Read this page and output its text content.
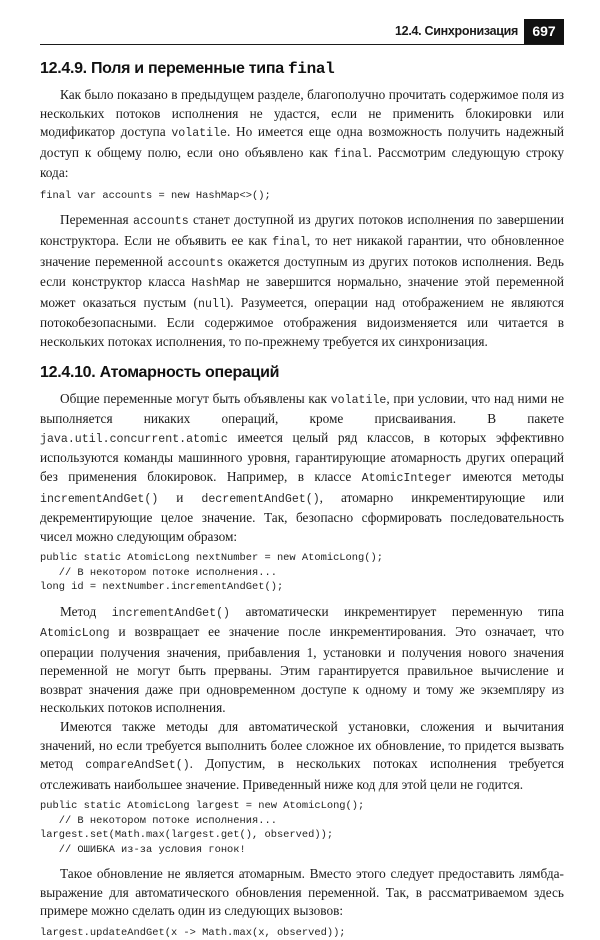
12.4. Синхронизация	697
12.4.9. Поля и переменные типа final

Как было показано в предыдущем разделе, благополучно прочитать содержимое поля из нескольких потоков исполнения не удастся, если не применить блокировки или модификатор доступа volatile. Но имеется еще одна возможность получить надежный доступ к общему полю, если оно объявлено как final. Рассмотрим следующую строку кода:

final var accounts = new HashMap<>();

Переменная accounts станет доступной из других потоков исполнения по завершении конструктора. Если не объявить ее как final, то нет никакой гарантии, что обновленное значение переменной accounts окажется доступным из других потоков исполнения. Ведь если конструктор класса HashMap не завершится нормально, значение этой переменной может оказаться пустым (null). Разумеется, операции над отображением не являются потокобезопасными. Если содержимое отображения видоизменяется или читается в нескольких потоках исполнения, то по-прежнему требуется их синхронизация.

12.4.10. Атомарность операций

Общие переменные могут быть объявлены как volatile, при условии, что над ними не выполняется никаких операций, кроме присваивания. В пакете java.util.concurrent.atomic имеется целый ряд классов, в которых эффективно используются команды машинного уровня, гарантирующие атомарность других операций без применения блокировок. Например, в классе AtomicInteger имеются методы incrementAndGet() и decrementAndGet(), атомарно инкрементирующие или декрементирующие целое значение. Так, безопасно сформировать последовательность чисел можно следующим образом:

public static AtomicLong nextNumber = new AtomicLong();
// В некотором потоке исполнения...
long id = nextNumber.incrementAndGet();

Метод incrementAndGet() автоматически инкрементирует переменную типа AtomicLong и возвращает ее значение после инкрементирования. Это означает, что операции получения значения, прибавления 1, установки и получения нового значения переменной не могут быть прерваны. Этим гарантируется правильное вычисление и возврат значения даже при одновременном доступе к одному и тому же экземпляру из нескольких потоков исполнения.

Имеются также методы для автоматической установки, сложения и вычитания значений, но если требуется выполнить более сложное их обновление, то придется вызвать метод compareAndSet(). Допустим, в нескольких потоках исполнения требуется отслеживать наибольшее значение. Приведенный ниже код для этой цели не годится.

public static AtomicLong largest = new AtomicLong();
// В некотором потоке исполнения...
largest.set(Math.max(largest.get(), observed));
// ОШИБКА из-за условия гонок!

Такое обновление не является атомарным. Вместо этого следует предоставить лямбда-выражение для автоматического обновления переменной. Так, в рассматриваемом здесь примере можно сделать один из следующих вызовов:

largest.updateAndGet(x -> Math.max(x, observed));
